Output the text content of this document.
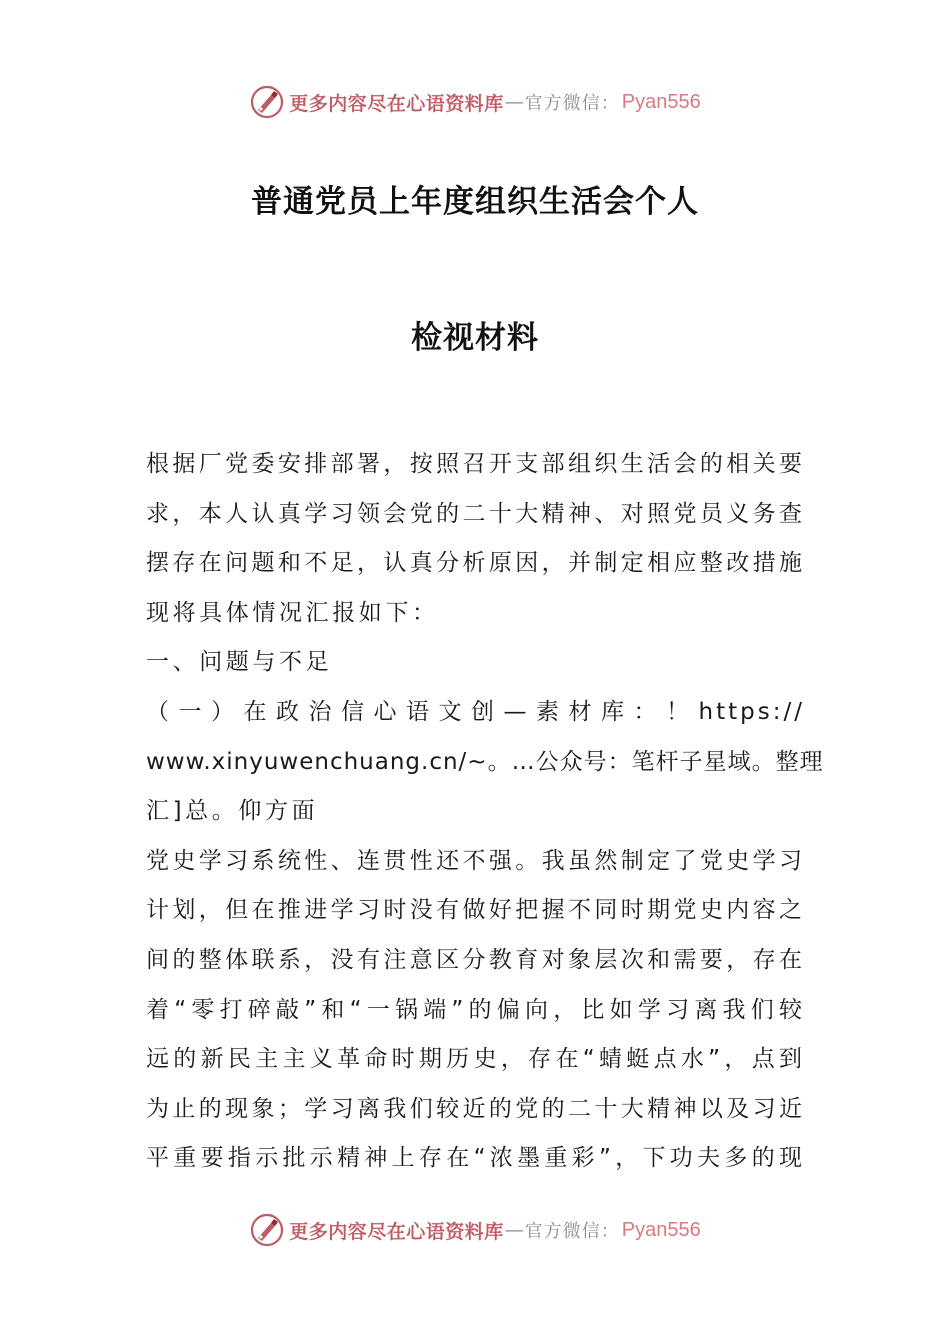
更多内容尽在心语资料库 — 官方微信： Pyan556
普通党员上年度组织生活会个人
检视材料
根据厂党委安排部署，按照召开支部组织生活会的相关要
求，本人认真学习领会党的二十大精神、对照党员义务查
摆存在问题和不足，认真分析原因，并制定相应整改措施
现将具体情况汇报如下：
一、问题与不足
（一）在政治信心语文创—素材库：！https://
www.xinyuwenchuang.cn/~。…公众号：笔杆子星域。整理
汇]总。仰方面
党史学习系统性、连贯性还不强。我虽然制定了党史学习
计划，但在推进学习时没有做好把握不同时期党史内容之
间的整体联系，没有注意区分教育对象层次和需要，存在
着“零打碎敲”和“一锅端”的偏向，比如学习离我们较
远的新民主主义革命时期历史，存在“蜻蜓点水”，点到
为止的现象；学习离我们较近的党的二十大精神以及习近
平重要指示批示精神上存在“浓墨重彩”，下功夫多的现
更多内容尽在心语资料库 — 官方微信： Pyan556
